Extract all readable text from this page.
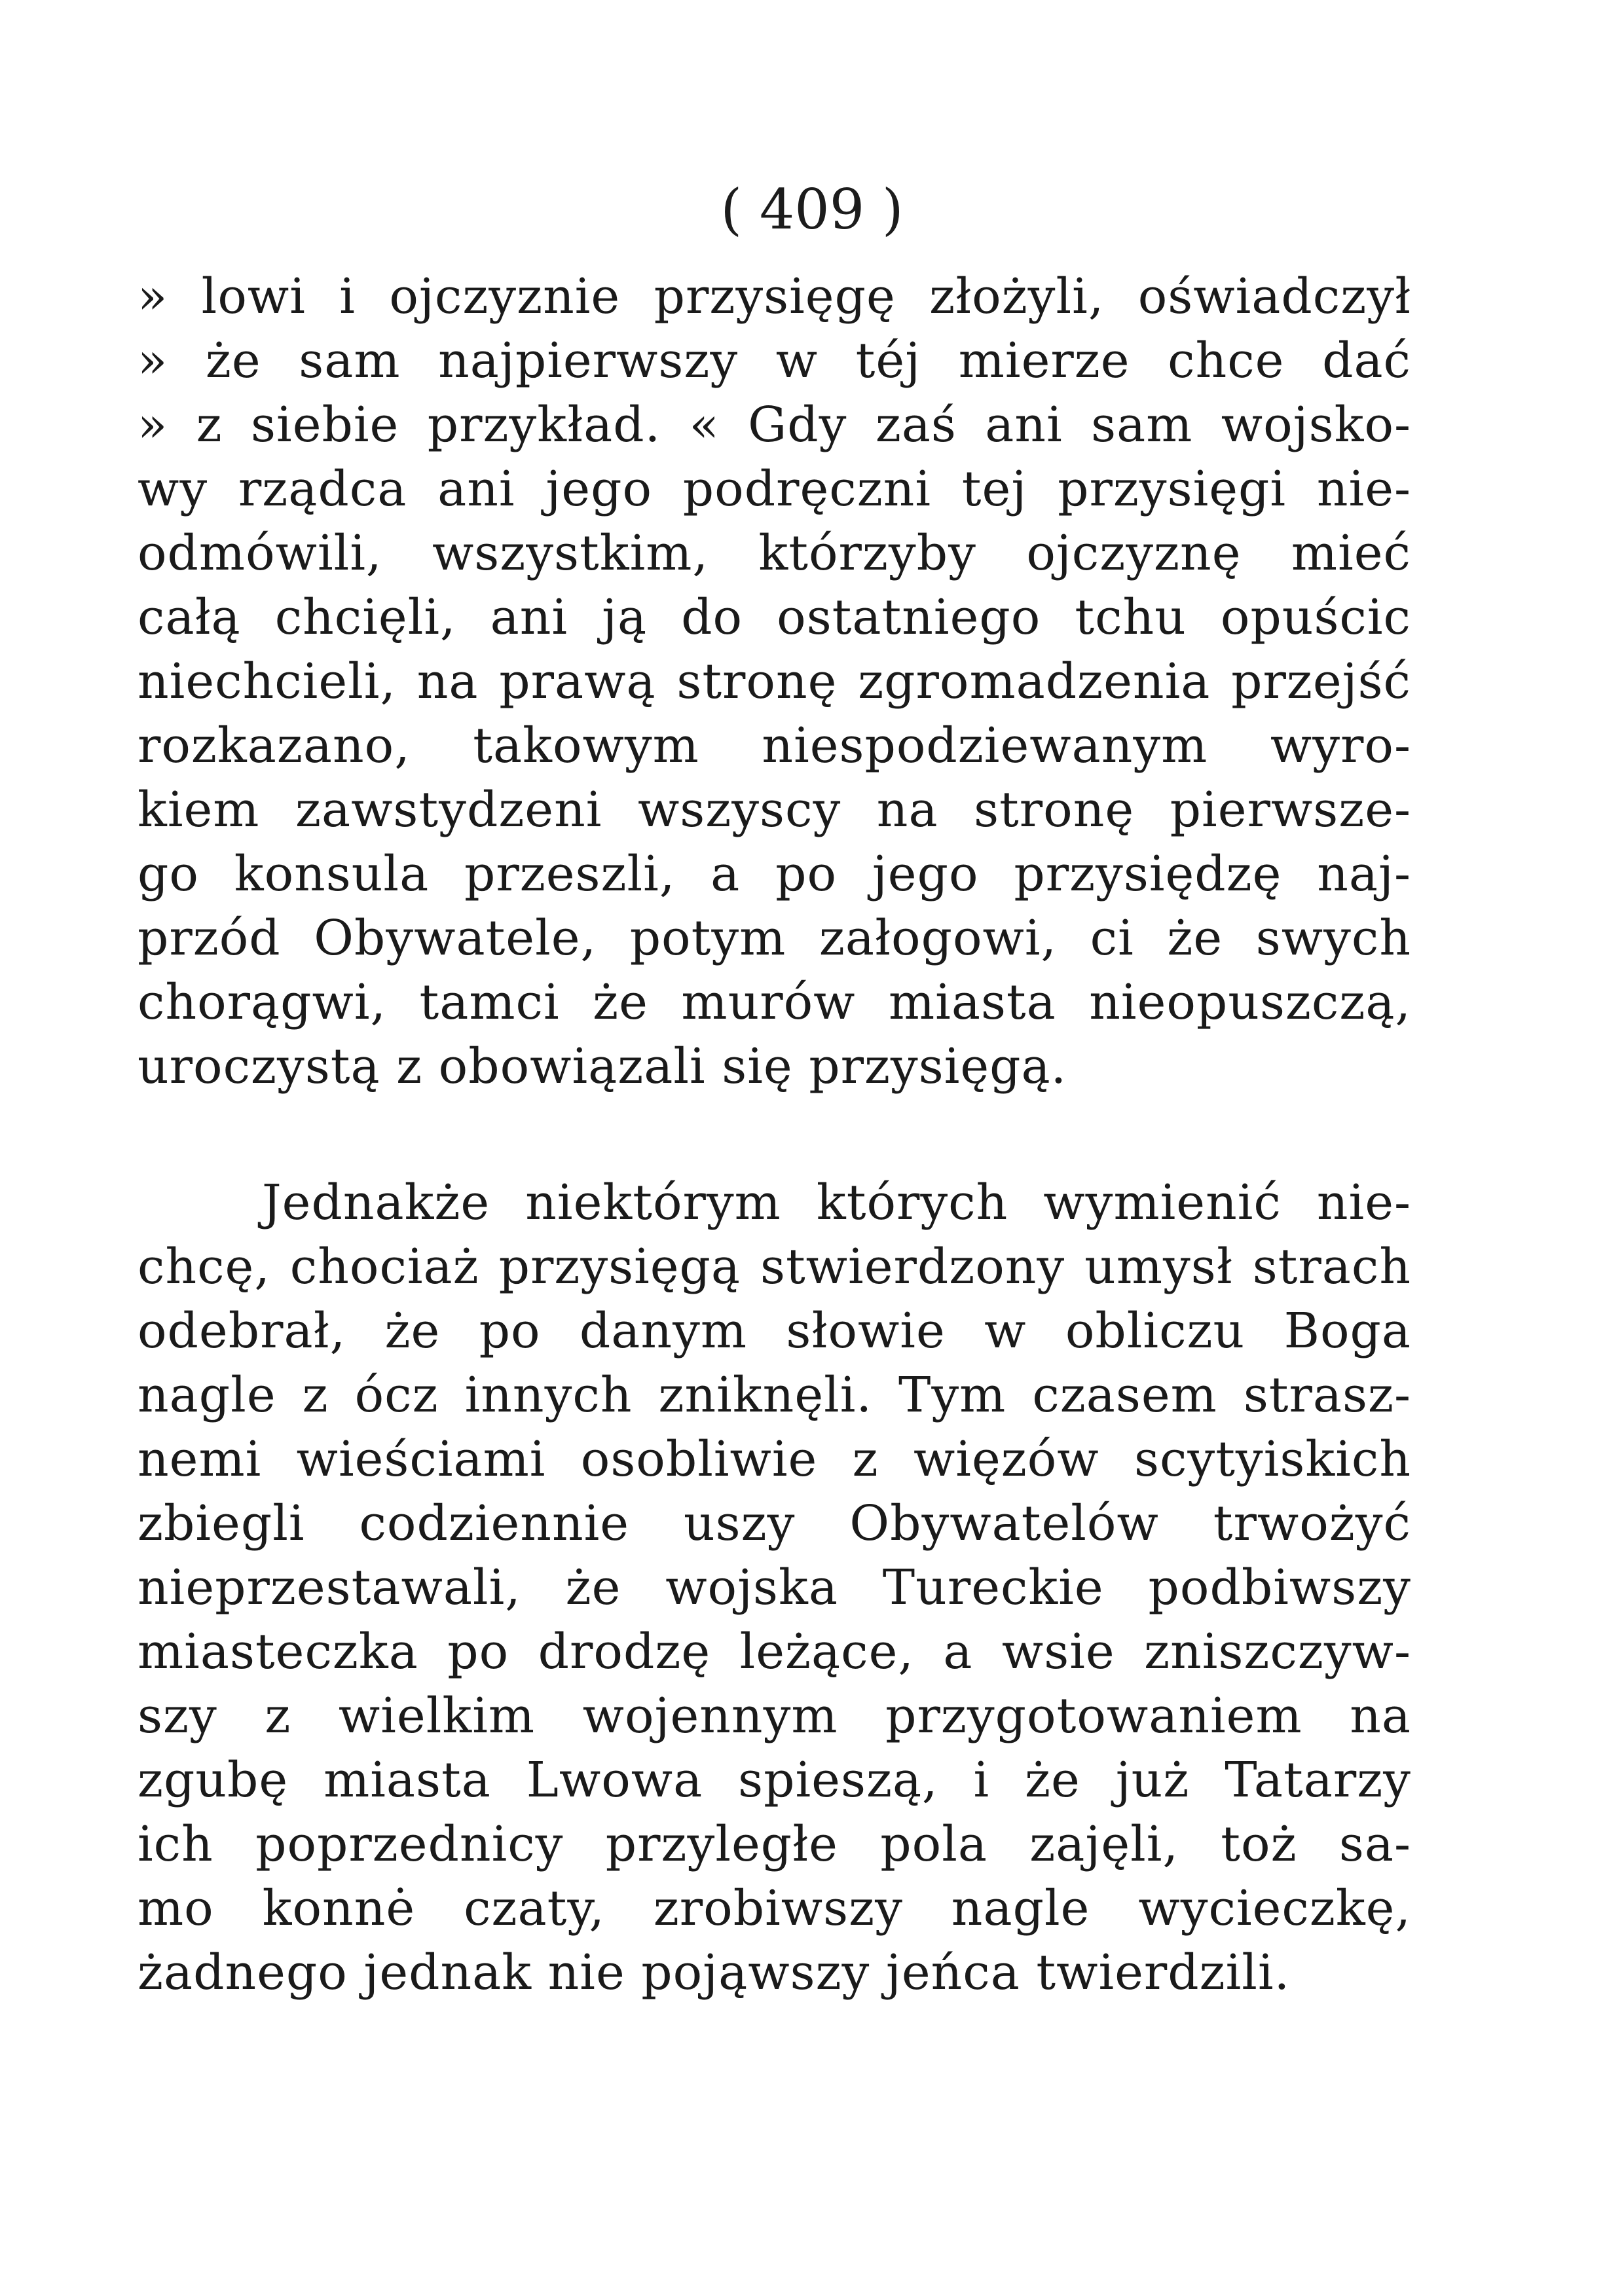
( 409 )
» lowi i ojczyznie przysięgę złożyli, oświadczył
» że sam najpierwszy w téj mierze chce dać
» z siebie przykład. « Gdy zaś ani sam wojsko-
wy rządca ani jego podręczni tej przysięgi nie-
odmówili, wszystkim, którzyby ojczyznę mieć
całą chcięli, ani ją do ostatniego tchu opuścic
niechcieli, na prawą stronę zgromadzenia przejść
rozkazano, takowym niespodziewanym wyro-
kiem zawstydzeni wszyscy na stronę pierwsze-
go konsula przeszli, a po jego przysiędzę naj-
przód Obywatele, potym załogowi, ci że swych
chorągwi, tamci że murów miasta nieopuszczą,
uroczystą z obowiązali się przysięgą.
Jednakże niektórym których wymienić nie-
chcę, chociaż przysięgą stwierdzony umysł strach
odebrał, że po danym słowie w obliczu Boga
nagle z ócz innych zniknęli. Tym czasem strasz-
nemi wieściami osobliwie z więzów scytyiskich
zbiegli codziennie uszy Obywatelów trwożyć
nieprzestawali, że wojska Tureckie podbiwszy
miasteczka po drodzę leżące, a wsie zniszczyw-
szy z wielkim wojennym przygotowaniem na
zgubę miasta Lwowa spieszą, i że już Tatarzy
ich poprzednicy przyległe pola zajęli, toż sa-
mo konnė czaty, zrobiwszy nagle wycieczkę,
żadnego jednak nie pojąwszy jeńca twierdzili.
